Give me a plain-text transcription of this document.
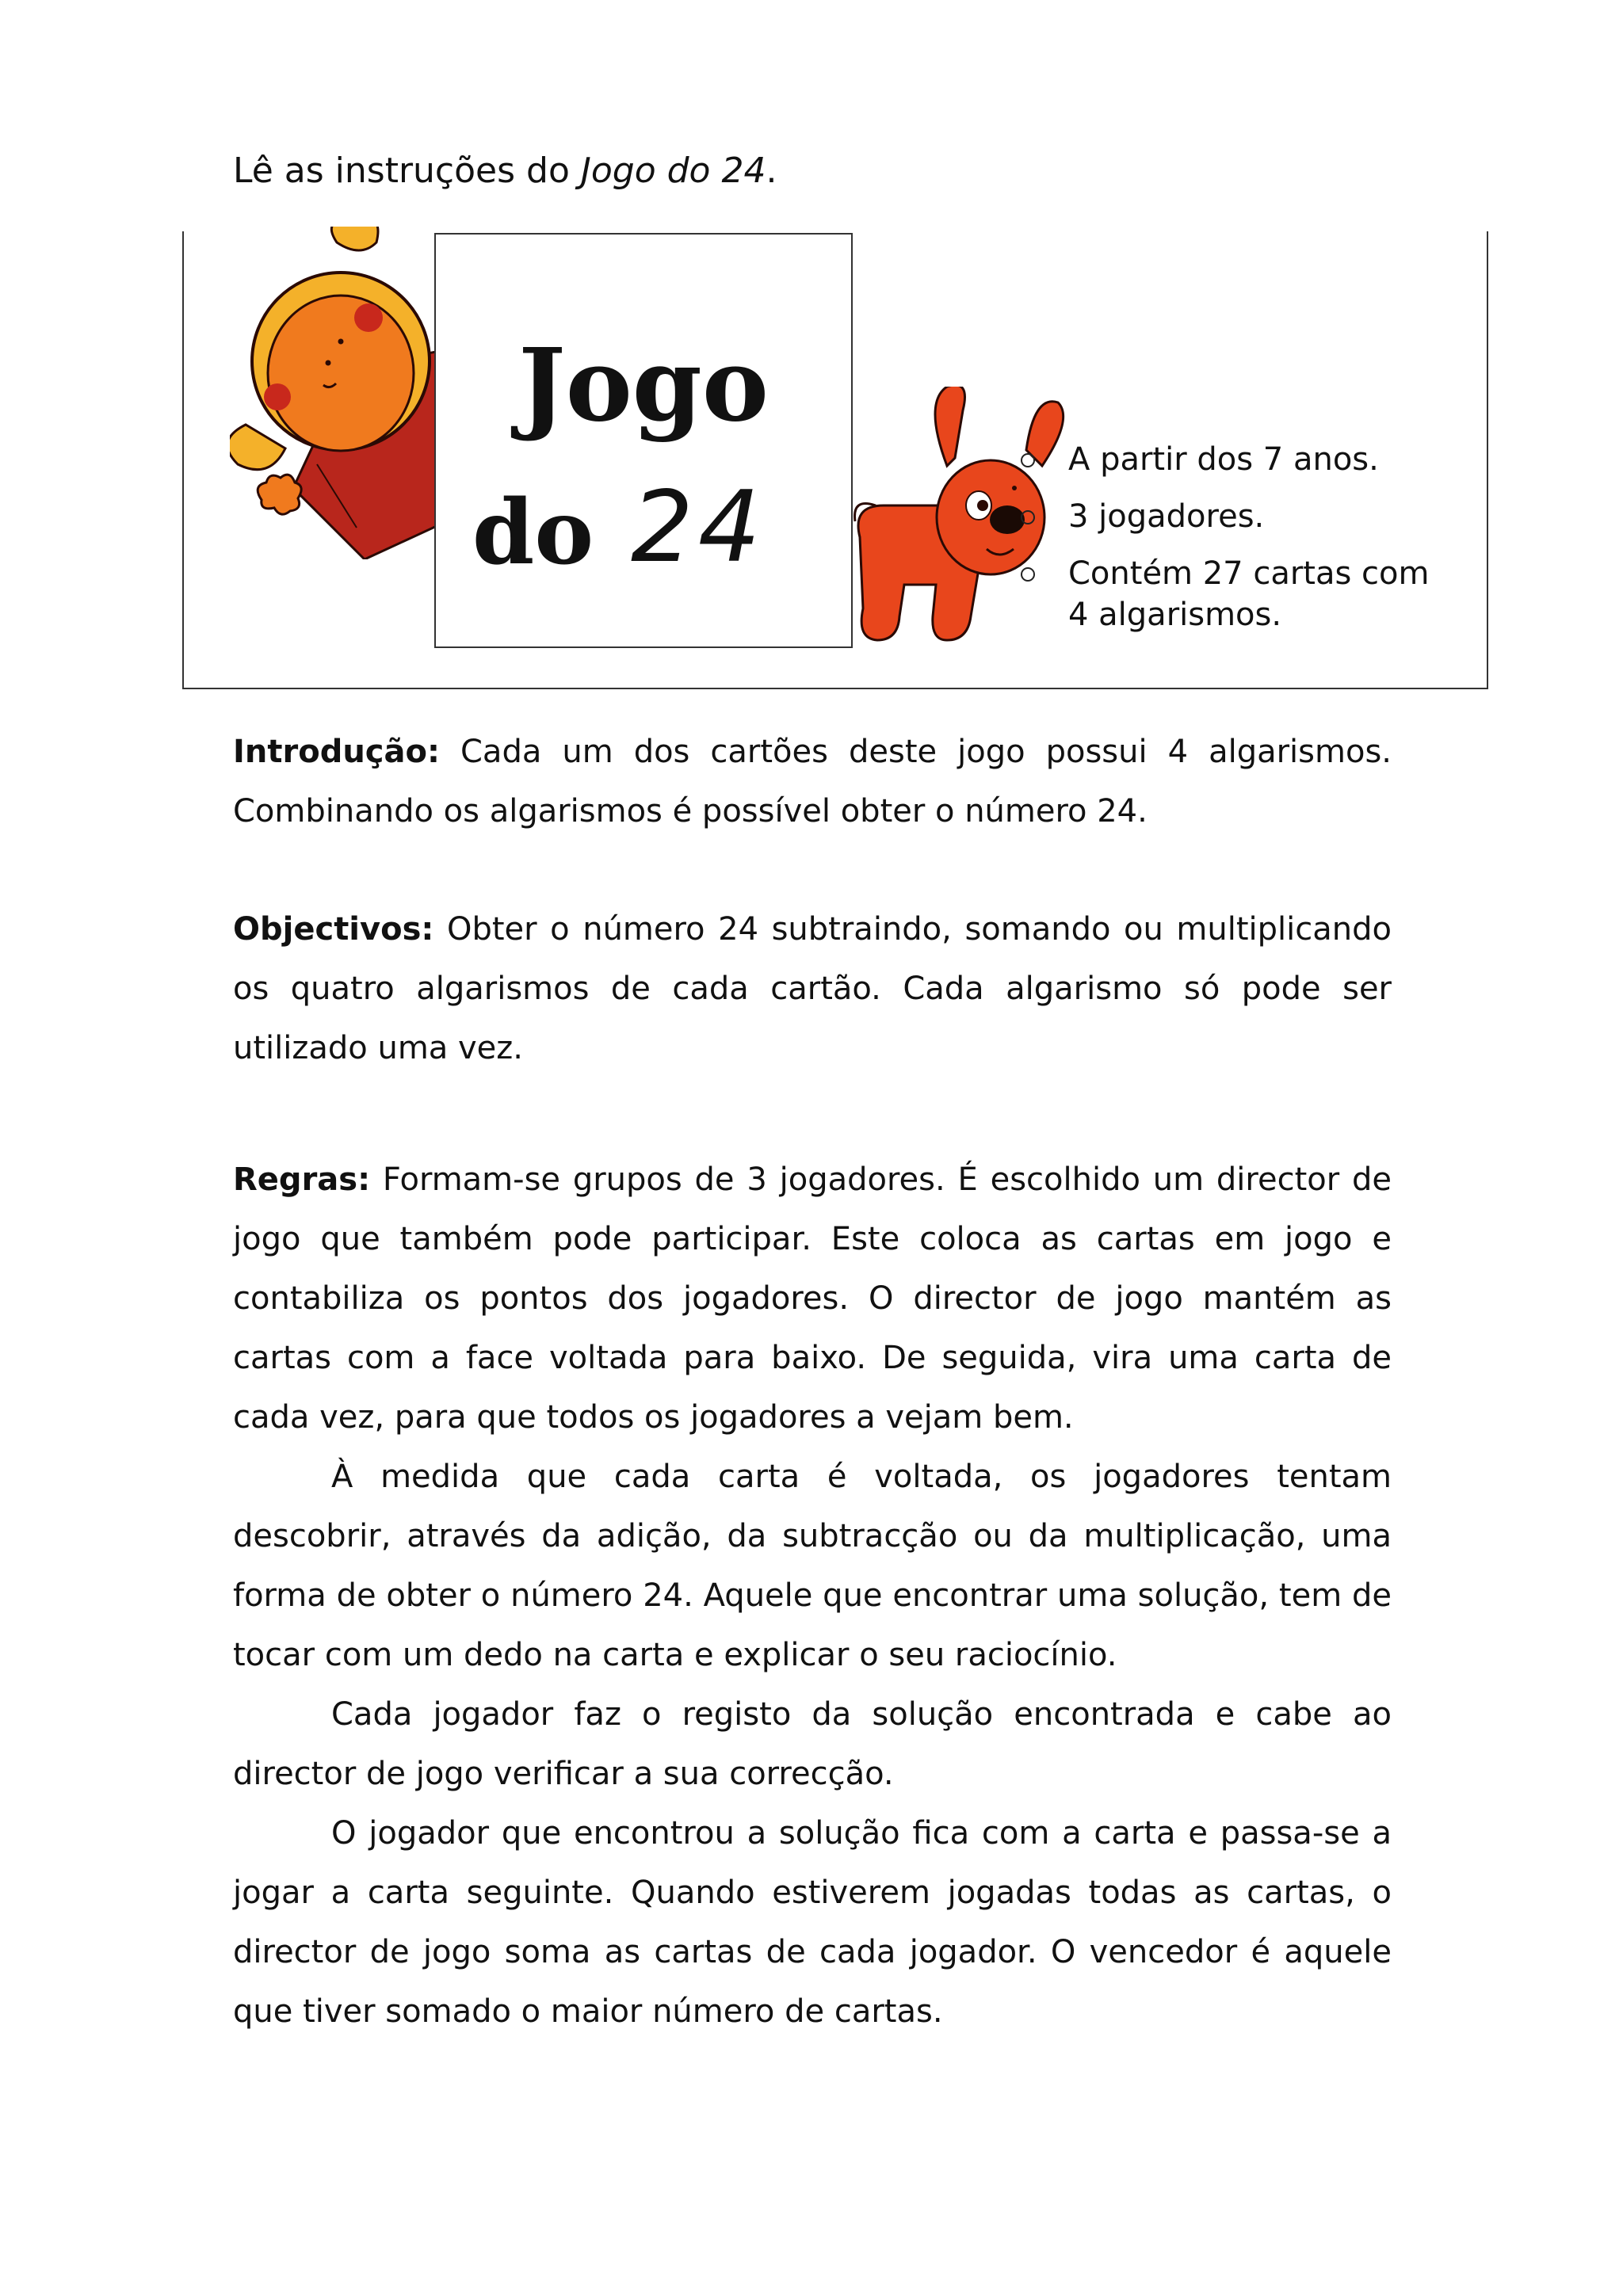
Lê as instruções do Jogo do 24.
Jogo
do 24
A partir dos 7 anos.
3 jogadores.
Contém 27 cartas com 4 algarismos.

Introdução: Cada um dos cartões deste jogo possui 4 algarismos. Combinando os algarismos é possível obter o número 24.

Objectivos: Obter o número 24 subtraindo, somando ou multiplicando os quatro algarismos de cada cartão. Cada algarismo só pode ser utilizado uma vez.

Regras: Formam-se grupos de 3 jogadores. É escolhido um director de jogo que também pode participar. Este coloca as cartas em jogo e contabiliza os pontos dos jogadores. O director de jogo mantém as cartas com a face voltada para baixo. De seguida, vira uma carta de cada vez, para que todos os jogadores a vejam bem.

À medida que cada carta é voltada, os jogadores tentam descobrir, através da adição, da subtracção ou da multiplicação, uma forma de obter o número 24. Aquele que encontrar uma solução, tem de tocar com um dedo na carta e explicar o seu raciocínio.

Cada jogador faz o registo da solução encontrada e cabe ao director de jogo verificar a sua correcção.

O jogador que encontrou a solução fica com a carta e passa-se a jogar a carta seguinte. Quando estiverem jogadas todas as cartas, o director de jogo soma as cartas de cada jogador. O vencedor é aquele que tiver somado o maior número de cartas.
